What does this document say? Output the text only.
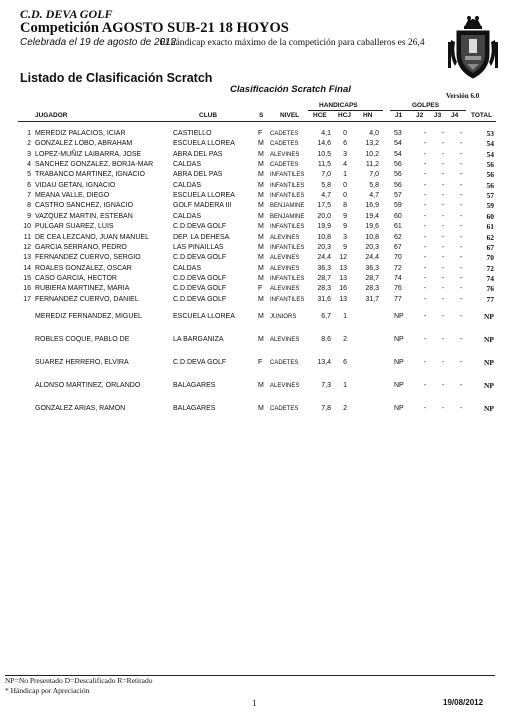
C.D. DEVA GOLF
Competición AGOSTO SUB-21 18 HOYOS
Celebrada el 19 de agosto de 2012
El hándicap exacto máximo de la competición para caballeros es 26,4
Listado de Clasificación Scratch
Clasificación Scratch Final
Versión 6.0
HANDICAPS	GOLPES
JUGADOR	CLUB	S	NIVEL HCE HCJ HN	J1 J2 J3 J4 TOTAL
1 MEREDIZ PALACIOS, ICIAR	CASTIELLO	F CADETES	4,1	0	4,0 53	-	-	-	53
2 GONZALEZ LOBO, ABRAHAM	ESCUELA LLOREA	M CADETES	14,6	6	13,2 54	-	-	-	54
3 LOPEZ-MUÑIZ LAIBARRA, JOSE	ABRA DEL PAS	M ALEVINES	10,5	3	10,2 54	-	-	-	54
4 SANCHEZ GONZALEZ, BORJA-MAR	CALDAS	M CADETES	11,5	4	11,2 56	-	-	-	56
5 TRABANCO MARTINEZ, IGNACIO	ABRA DEL PAS	M INFANTILES	7,0	1	7,0 56	-	-	-	56
6 VIDAU GETAN, IGNACIO	CALDAS	M INFANTILES	5,8	0	5,8 56	-	-	-	56
7 MEANA VALLE, DIEGO	ESCUELA LLOREA	M INFANTILES	4,7	0	4,7 57	-	-	-	57
8 CASTRO SANCHEZ, IGNACIO	GOLF MADERA III	M BENJAMINE	17,5	8	16,9 59	-	-	-	59
9 VAZQUEZ MARTIN, ESTEBAN	CALDAS	M BENJAMINE	20,0	9	19,4 60	-	-	-	60
10 PULGAR SUAREZ, LUIS	C.D.DEVA GOLF	M INFANTILES	19,9	9	19,6 61	-	-	-	61
11 DE CEA LEZCANO, JUAN MANUEL	DEP. LA DEHESA	M ALEVINES	10,8	3	10,8 62	-	-	-	62
12 GARCIA SERRANO, PEDRO	LAS PINAILLAS	M INFANTILES	20,3	9	20,3 67	-	-	-	67
13 FERNANDEZ CUERVO, SERGIO	C.D.DEVA GOLF	M ALEVINES	24,4	12	24,4 70	-	-	-	70
14 ROALES GONZALEZ, OSCAR	CALDAS	M ALEVINES	36,3	13	36,3 72	-	-	-	72
15 CASO GARCIA, HECTOR	C.D.DEVA GOLF	M INFANTILES	28,7	13	28,7 74	-	-	-	74
16 RUBIERA MARTINEZ, MARIA	C.D.DEVA GOLF	F ALEVINES	28,3	16	28,3 76	-	-	-	76
17 FERNANDEZ CUERVO, DANIEL	C.D.DEVA GOLF	M INFANTILES	31,6	13	31,7 77	-	-	-	77
MEREDIZ FERNANDEZ, MIGUEL	ESCUELA LLOREA	M JUNIORS	6,7	1	NP	-	-	-	NP
ROBLES COQUE, PABLO DE	LA BARGANIZA	M ALEVINES	8,6	2	NP	-	-	-	NP
SUAREZ HERRERO, ELVIRA	C.D.DEVA GOLF	F CADETES	13,4	6	NP	-	-	-	NP
ALONSO MARTINEZ, ORLANDO	BALAGARES	M ALEVINES	7,3	1	NP	-	-	-	NP
GONZALEZ ARIAS, RAMON	BALAGARES	M CADETES	7,8	2	NP	-	-	-	NP
NP=No Presentado D=Descalificado R=Retirado
* Hándicap por Apreciación
1	19/08/2012
